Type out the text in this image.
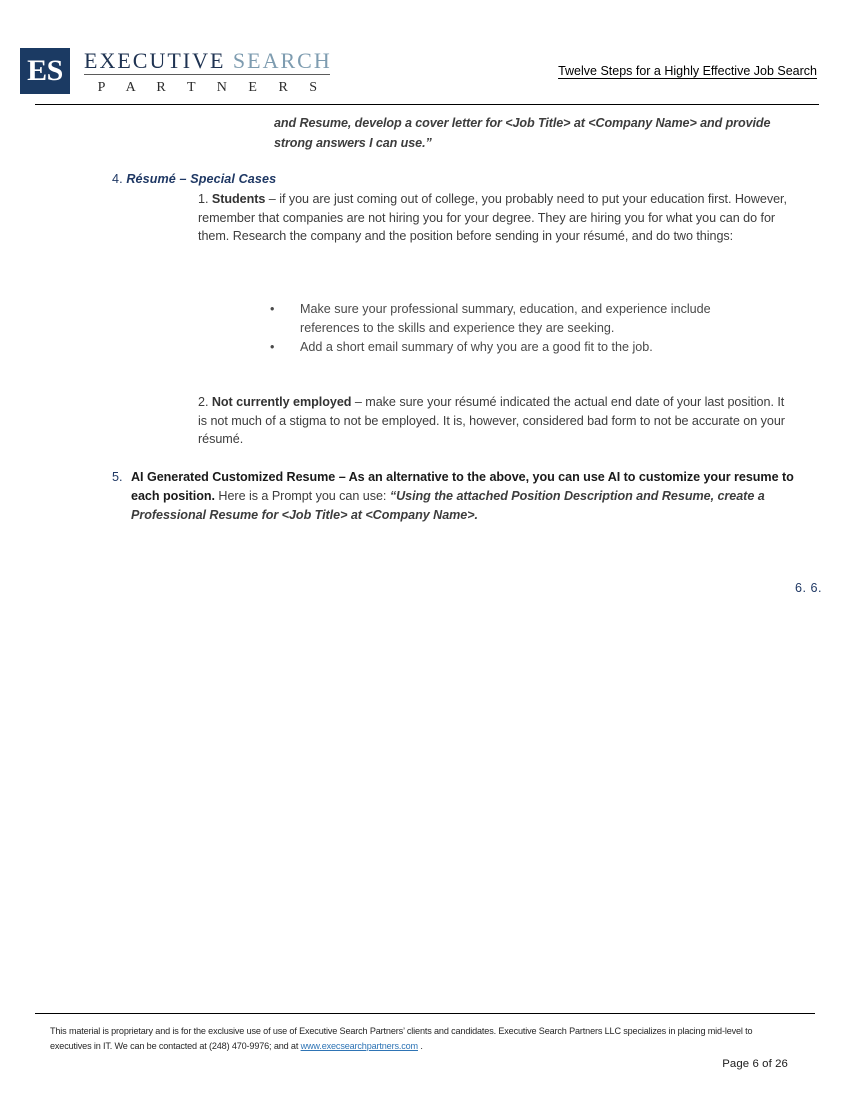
ES EXECUTIVE SEARCH
P A R T N E R S
Twelve Steps for a Highly Effective Job Search
and Resume, develop a cover letter for <Job Title> at <Company Name> and provide strong answers I can use.”
4. Résumé – Special Cases
1. Students – if you are just coming out of college, you probably need to put your education first. However, remember that companies are not hiring you for your degree. They are hiring you for what you can do for them. Research the company and the position before sending in your résumé, and do two things:
•	Make sure your professional summary, education, and experience include references to the skills and experience they are seeking.
•	Add a short email summary of why you are a good fit to the job.
2. Not currently employed – make sure your résumé indicated the actual end date of your last position. It is not much of a stigma to not be employed. It is, however, considered bad form to not be accurate on your résumé.
5. AI Generated Customized Resume – As an alternative to the above, you can use AI to customize your resume to each position. Here is a Prompt you can use: “Using the attached Position Description and Resume, create a Professional Resume for <Job Title> at <Company Name>.
6. 6.
This material is proprietary and is for the exclusive use of use of Executive Search Partners’ clients and candidates. Executive Search Partners LLC specializes in placing mid-level to executives in IT. We can be contacted at (248) 470-9976; and at www.execsearchpartners.com .
Page 6 of 26
